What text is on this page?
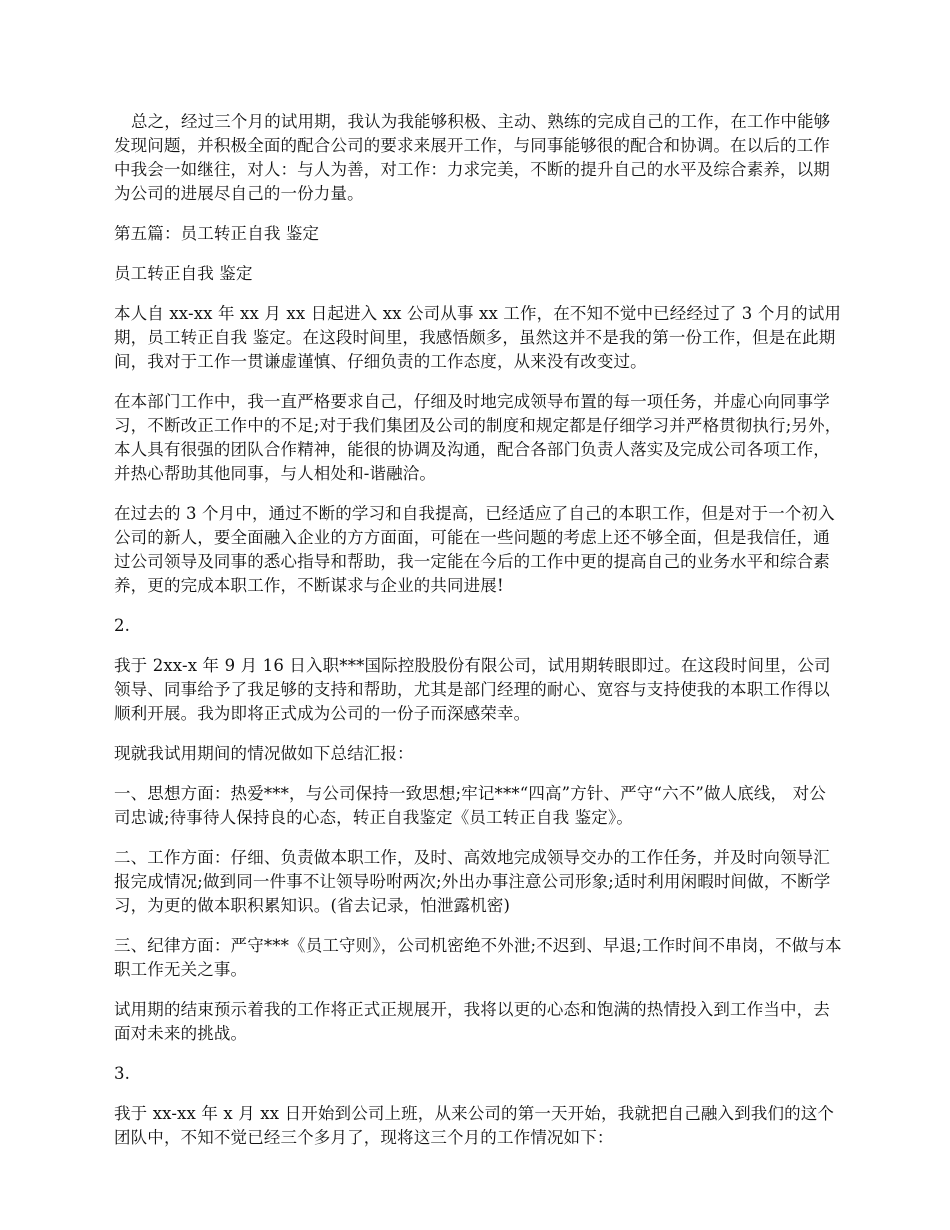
总之，经过三个月的试用期，我认为我能够积极、主动、熟练的完成自己的工作，在工作中能够发现问题，并积极全面的配合公司的要求来展开工作，与同事能够很的配合和协调。在以后的工作中我会一如继往，对人：与人为善，对工作：力求完美，不断的提升自己的水平及综合素养，以期为公司的进展尽自己的一份力量。

第五篇：员工转正自我 鉴定

员工转正自我 鉴定

本人自 xx-xx 年 xx 月 xx 日起进入 xx 公司从事 xx 工作，在不知不觉中已经经过了 3 个月的试用期，员工转正自我 鉴定。在这段时间里，我感悟颇多，虽然这并不是我的第一份工作，但是在此期间，我对于工作一贯谦虚谨慎、仔细负责的工作态度，从来没有改变过。

在本部门工作中，我一直严格要求自己，仔细及时地完成领导布置的每一项任务，并虚心向同事学习，不断改正工作中的不足;对于我们集团及公司的制度和规定都是仔细学习并严格贯彻执行;另外，本人具有很强的团队合作精神，能很的协调及沟通，配合各部门负责人落实及完成公司各项工作，并热心帮助其他同事，与人相处和-谐融洽。

在过去的 3 个月中，通过不断的学习和自我提高，已经适应了自己的本职工作，但是对于一个初入公司的新人，要全面融入企业的方方面面，可能在一些问题的考虑上还不够全面，但是我信任，通过公司领导及同事的悉心指导和帮助，我一定能在今后的工作中更的提高自己的业务水平和综合素养，更的完成本职工作，不断谋求与企业的共同进展!

2.

我于 2xx-x 年 9 月 16 日入职***国际控股股份有限公司，试用期转眼即过。在这段时间里，公司领导、同事给予了我足够的支持和帮助，尤其是部门经理的耐心、宽容与支持使我的本职工作得以顺利开展。我为即将正式成为公司的一份子而深感荣幸。

现就我试用期间的情况做如下总结汇报：

一、思想方面：热爱***，与公司保持一致思想;牢记***“四高”方针、严守“六不”做人底线， 对公司忠诚;待事待人保持良的心态，转正自我鉴定《员工转正自我 鉴定》。

二、工作方面：仔细、负责做本职工作，及时、高效地完成领导交办的工作任务，并及时向领导汇报完成情况;做到同一件事不让领导吩咐两次;外出办事注意公司形象;适时利用闲暇时间做，不断学习，为更的做本职积累知识。(省去记录，怕泄露机密)

三、纪律方面：严守***《员工守则》，公司机密绝不外泄;不迟到、早退;工作时间不串岗，不做与本职工作无关之事。

试用期的结束预示着我的工作将正式正规展开，我将以更的心态和饱满的热情投入到工作当中，去面对未来的挑战。

3.

我于 xx-xx 年 x 月 xx 日开始到公司上班，从来公司的第一天开始，我就把自己融入到我们的这个团队中，不知不觉已经三个多月了，现将这三个月的工作情况如下：
